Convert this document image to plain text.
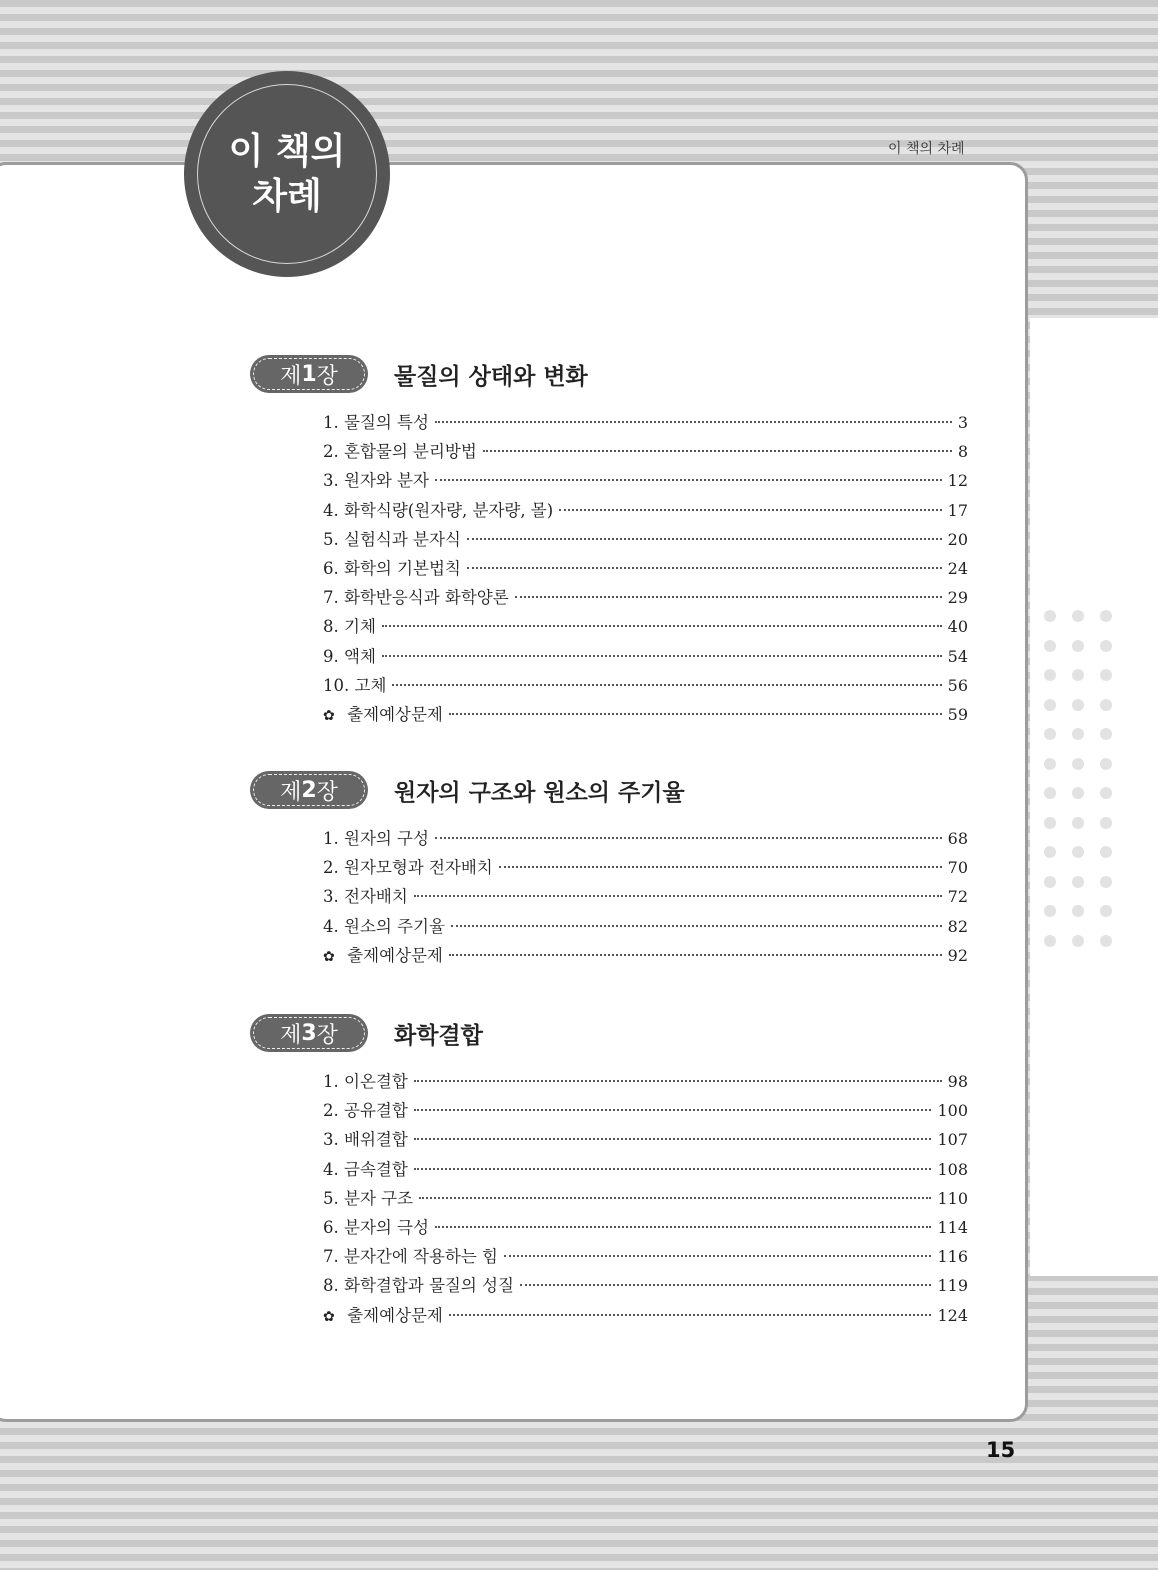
이 책의 차례
이 책의
차례
제 1 장 물질의 상태와 변화
1. 물질의 특성	3
2. 혼합물의 분리방법	8
3. 원자와 분자	12
4. 화학식량(원자량, 분자량, 몰)	17
5. 실험식과 분자식	20
6. 화학의 기본법칙	24
7. 화학반응식과 화학양론	29
8. 기체	40
9. 액체	54
10. 고체	56
✿ 출제예상문제	59
제 2 장 원자의 구조와 원소의 주기율
1. 원자의 구성	68
2. 원자모형과 전자배치	70
3. 전자배치	72
4. 원소의 주기율	82
✿ 출제예상문제	92
제 3 장 화학결합
1. 이온결합	98
2. 공유결합	100
3. 배위결합	107
4. 금속결합	108
5. 분자 구조	110
6. 분자의 극성	114
7. 분자간에 작용하는 힘	116
8. 화학결합과 물질의 성질	119
✿ 출제예상문제	124
15
